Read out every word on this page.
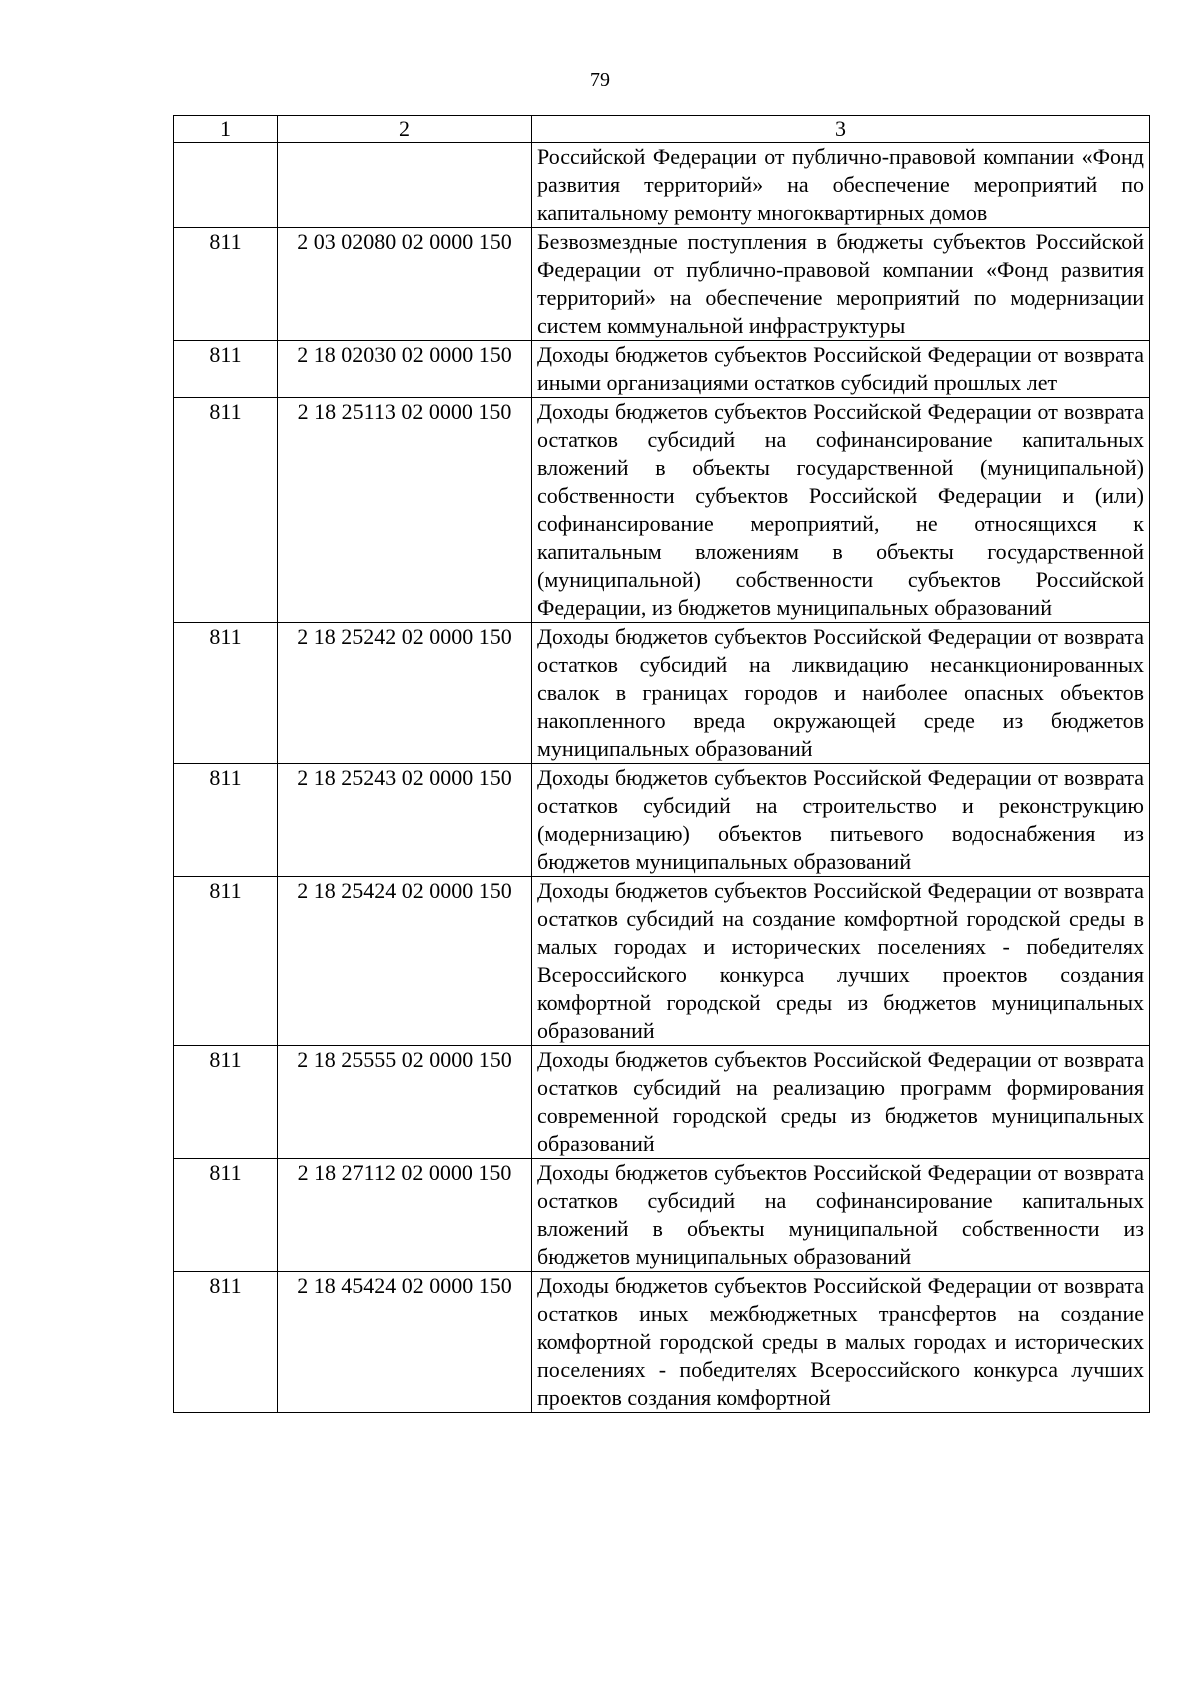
79
1	2	3
		Российской Федерации от публично-правовой компании «Фонд развития территорий» на обеспечение мероприятий по капитальному ремонту многоквартирных домов
811	2 03 02080 02 0000 150	Безвозмездные поступления в бюджеты субъектов Российской Федерации от публично-правовой компании «Фонд развития территорий» на обеспечение мероприятий по модернизации систем коммунальной инфраструктуры
811	2 18 02030 02 0000 150	Доходы бюджетов субъектов Российской Федерации от возврата иными организациями остатков субсидий прошлых лет
811	2 18 25113 02 0000 150	Доходы бюджетов субъектов Российской Федерации от возврата остатков субсидий на софинансирование капитальных вложений в объекты государственной (муниципальной) собственности субъектов Российской Федерации и (или) софинансирование мероприятий, не относящихся к капитальным вложениям в объекты государственной (муниципальной) собственности субъектов Российской Федерации, из бюджетов муниципальных образований
811	2 18 25242 02 0000 150	Доходы бюджетов субъектов Российской Федерации от возврата остатков субсидий на ликвидацию несанкционированных свалок в границах городов и наиболее опасных объектов накопленного вреда окружающей среде из бюджетов муниципальных образований
811	2 18 25243 02 0000 150	Доходы бюджетов субъектов Российской Федерации от возврата остатков субсидий на строительство и реконструкцию (модернизацию) объектов питьевого водоснабжения из бюджетов муниципальных образований
811	2 18 25424 02 0000 150	Доходы бюджетов субъектов Российской Федерации от возврата остатков субсидий на создание комфортной городской среды в малых городах и исторических поселениях - победителях Всероссийского конкурса лучших проектов создания комфортной городской среды из бюджетов муниципальных образований
811	2 18 25555 02 0000 150	Доходы бюджетов субъектов Российской Федерации от возврата остатков субсидий на реализацию программ формирования современной городской среды из бюджетов муниципальных образований
811	2 18 27112 02 0000 150	Доходы бюджетов субъектов Российской Федерации от возврата остатков субсидий на софинансирование капитальных вложений в объекты муниципальной собственности из бюджетов муниципальных образований
811	2 18 45424 02 0000 150	Доходы бюджетов субъектов Российской Федерации от возврата остатков иных межбюджетных трансфертов на создание комфортной городской среды в малых городах и исторических поселениях - победителях Всероссийского конкурса лучших проектов создания комфортной
